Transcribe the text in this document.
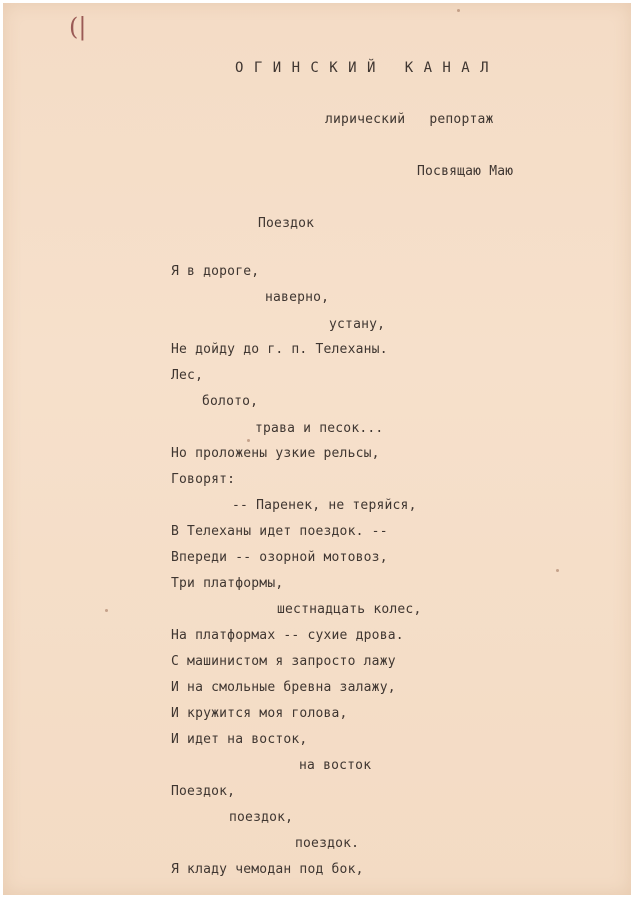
(|
О Г И Н С К И Й   К А Н А Л
лирический   репортаж
Посвящаю Маю
Поездок
Я в дороге,
наверно,
устану,
Не дойду до г. п. Телеханы.
Лес,
болото,
трава и песок...
Но проложены узкие рельсы,
Говорят:
-- Паренек, не теряйся,
В Телеханы идет поездок. --
Впереди -- озорной мотовоз,
Три платформы,
шестнадцать колес,
На платформах -- сухие дрова.
С машинистом я запросто лажу
И на смольные бревна залажу,
И кружится моя голова,
И идет на восток,
на восток
Поездок,
поездок,
поездок.
Я кладу чемодан под бок,
